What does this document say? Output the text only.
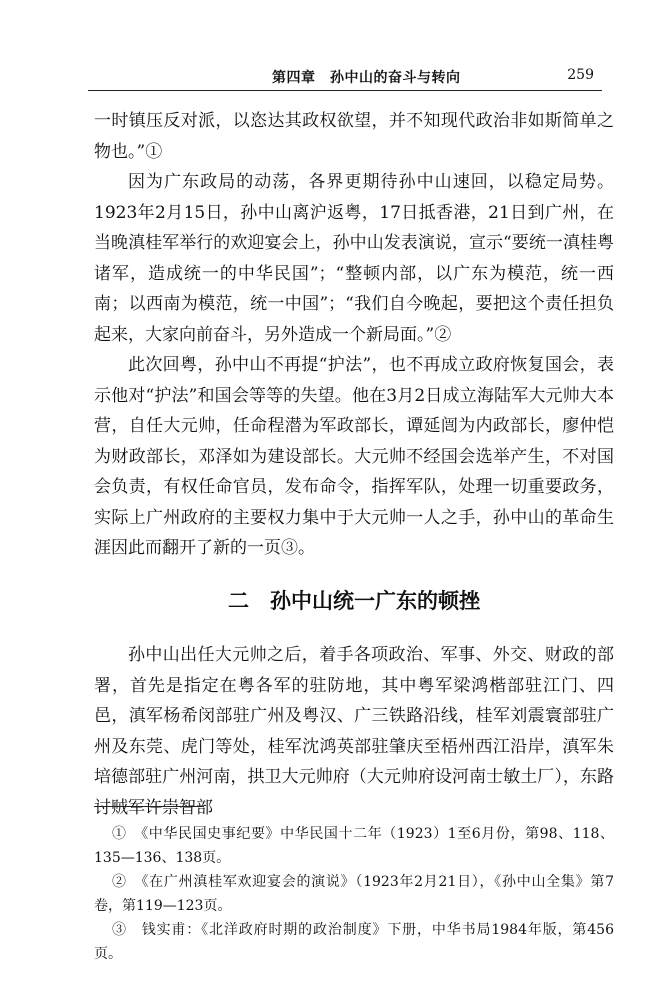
第四章　孙中山的奋斗与转向	259

一时镇压反对派，以恣达其政权欲望，并不知现代政治非如斯简单之物也。”①

因为广东政局的动荡，各界更期待孙中山速回，以稳定局势。1923年2月15日，孙中山离沪返粤，17日抵香港，21日到广州，在当晚滇桂军举行的欢迎宴会上，孙中山发表演说，宣示“要统一滇桂粤诸军，造成统一的中华民国”；“整顿内部，以广东为模范，统一西南；以西南为模范，统一中国”；“我们自今晚起，要把这个责任担负起来，大家向前奋斗，另外造成一个新局面。”②

此次回粤，孙中山不再提“护法”，也不再成立政府恢复国会，表示他对“护法”和国会等等的失望。他在3月2日成立海陆军大元帅大本营，自任大元帅，任命程潜为军政部长，谭延闿为内政部长，廖仲恺为财政部长，邓泽如为建设部长。大元帅不经国会选举产生，不对国会负责，有权任命官员，发布命令，指挥军队，处理一切重要政务，实际上广州政府的主要权力集中于大元帅一人之手，孙中山的革命生涯因此而翻开了新的一页③。

二　孙中山统一广东的顿挫

孙中山出任大元帅之后，着手各项政治、军事、外交、财政的部署，首先是指定在粤各军的驻防地，其中粤军梁鸿楷部驻江门、四邑，滇军杨希闵部驻广州及粤汉、广三铁路沿线，桂军刘震寰部驻广州及东莞、虎门等处，桂军沈鸿英部驻肇庆至梧州西江沿岸，滇军朱培德部驻广州河南，拱卫大元帅府（大元帅府设河南士敏土厂），东路讨贼军许崇智部

①　《中华民国史事纪要》中华民国十二年（1923）1至6月份，第98、118、135—136、138页。

②　《在广州滇桂军欢迎宴会的演说》（1923年2月21日），《孙中山全集》第7卷，第119—123页。

③　钱实甫：《北洋政府时期的政治制度》下册，中华书局1984年版，第456页。
